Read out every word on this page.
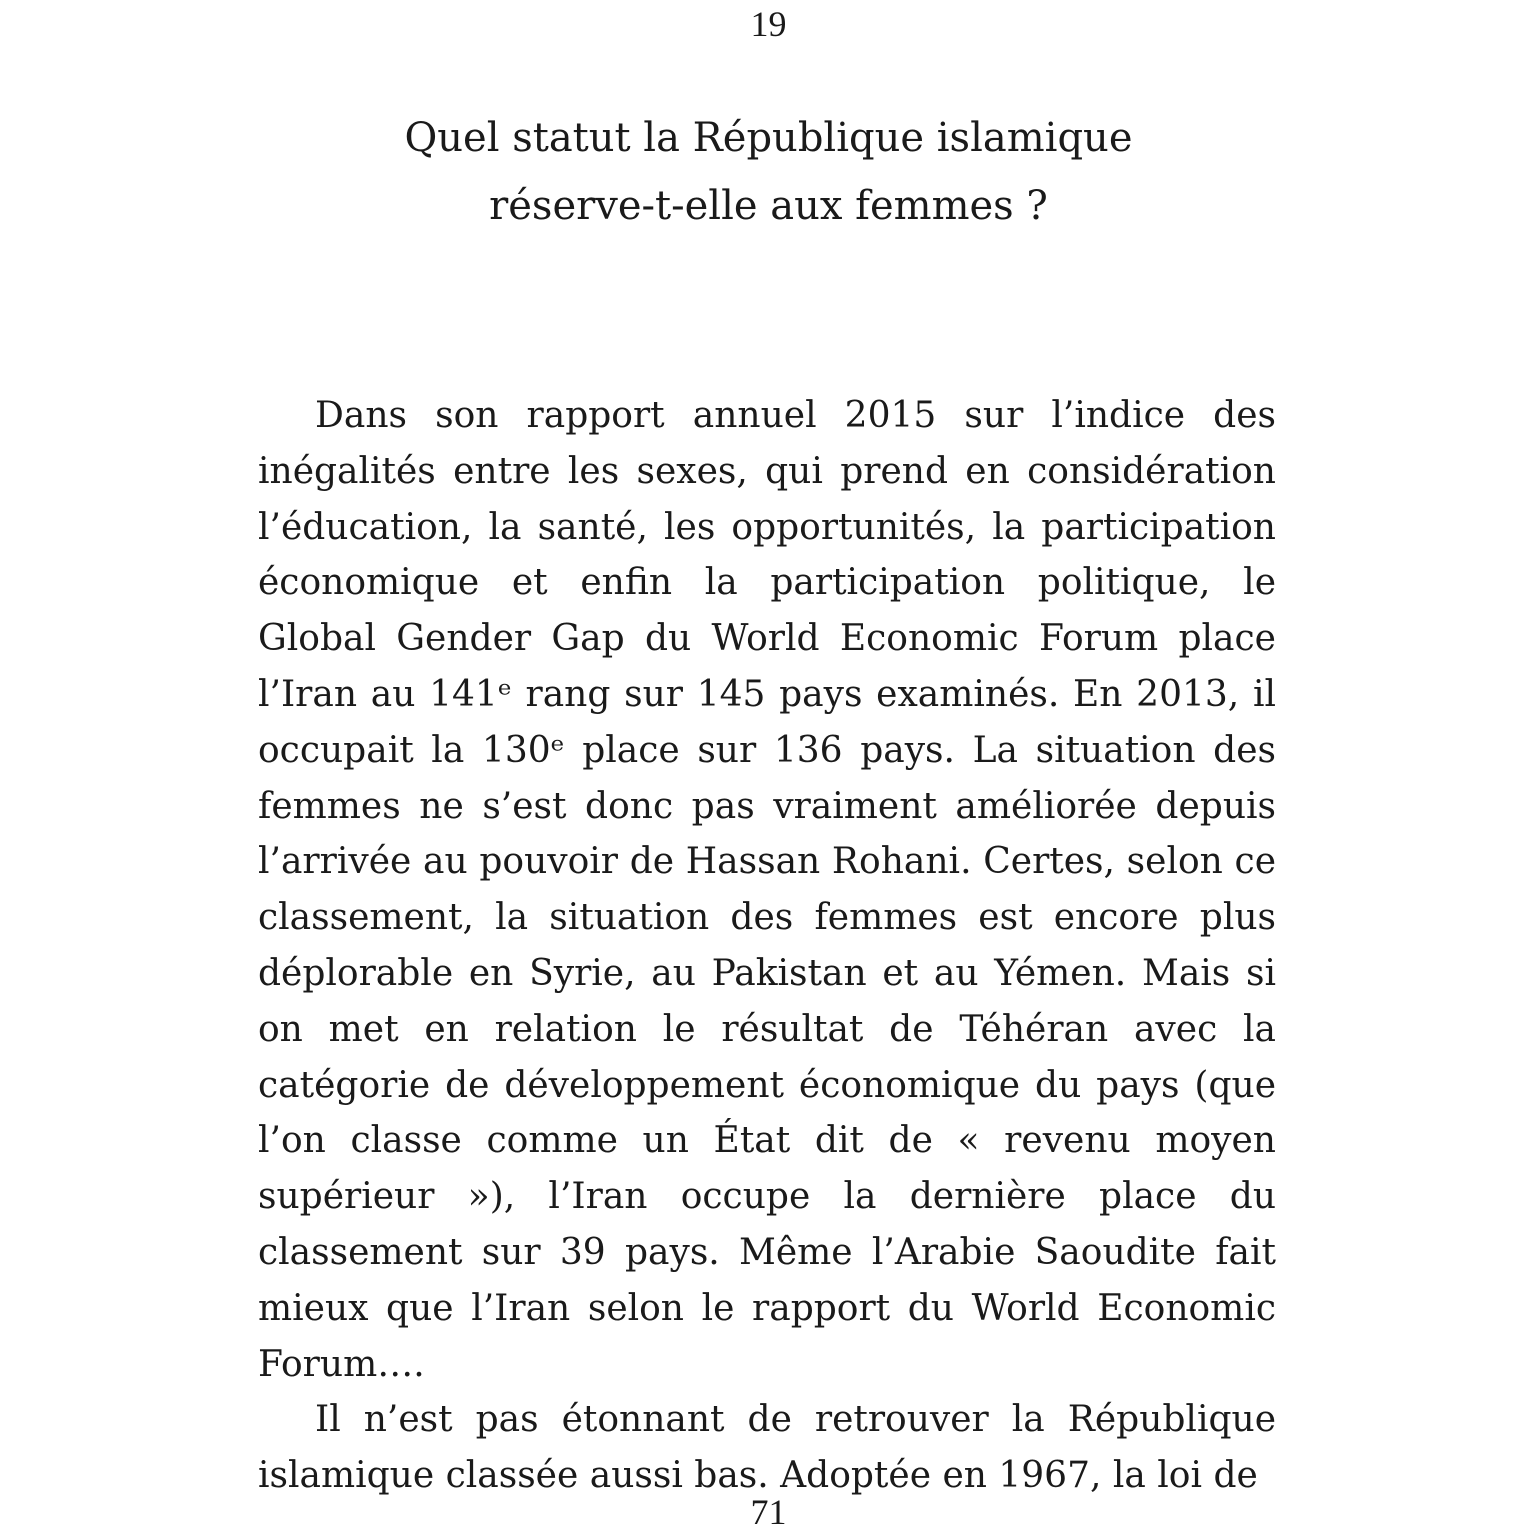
19
Quel statut la République islamique
réserve-t-elle aux femmes ?

Dans son rapport annuel 2015 sur l’indice des inégalités entre les sexes, qui prend en considération l’éducation, la santé, les opportunités, la participation économique et enfin la participation politique, le Global Gender Gap du World Economic Forum place l’Iran au 141ᵉ rang sur 145 pays examinés. En 2013, il occupait la 130ᵉ place sur 136 pays. La situation des femmes ne s’est donc pas vraiment améliorée depuis l’arrivée au pouvoir de Hassan Rohani. Certes, selon ce classement, la situation des femmes est encore plus déplorable en Syrie, au Pakistan et au Yémen. Mais si on met en relation le résultat de Téhéran avec la catégorie de développement économique du pays (que l’on classe comme un État dit de « revenu moyen supérieur »), l’Iran occupe la dernière place du classement sur 39 pays. Même l’Arabie Saoudite fait mieux que l’Iran selon le rapport du World Economic Forum….

Il n’est pas étonnant de retrouver la République islamique classée aussi bas. Adoptée en 1967, la loi de

71
